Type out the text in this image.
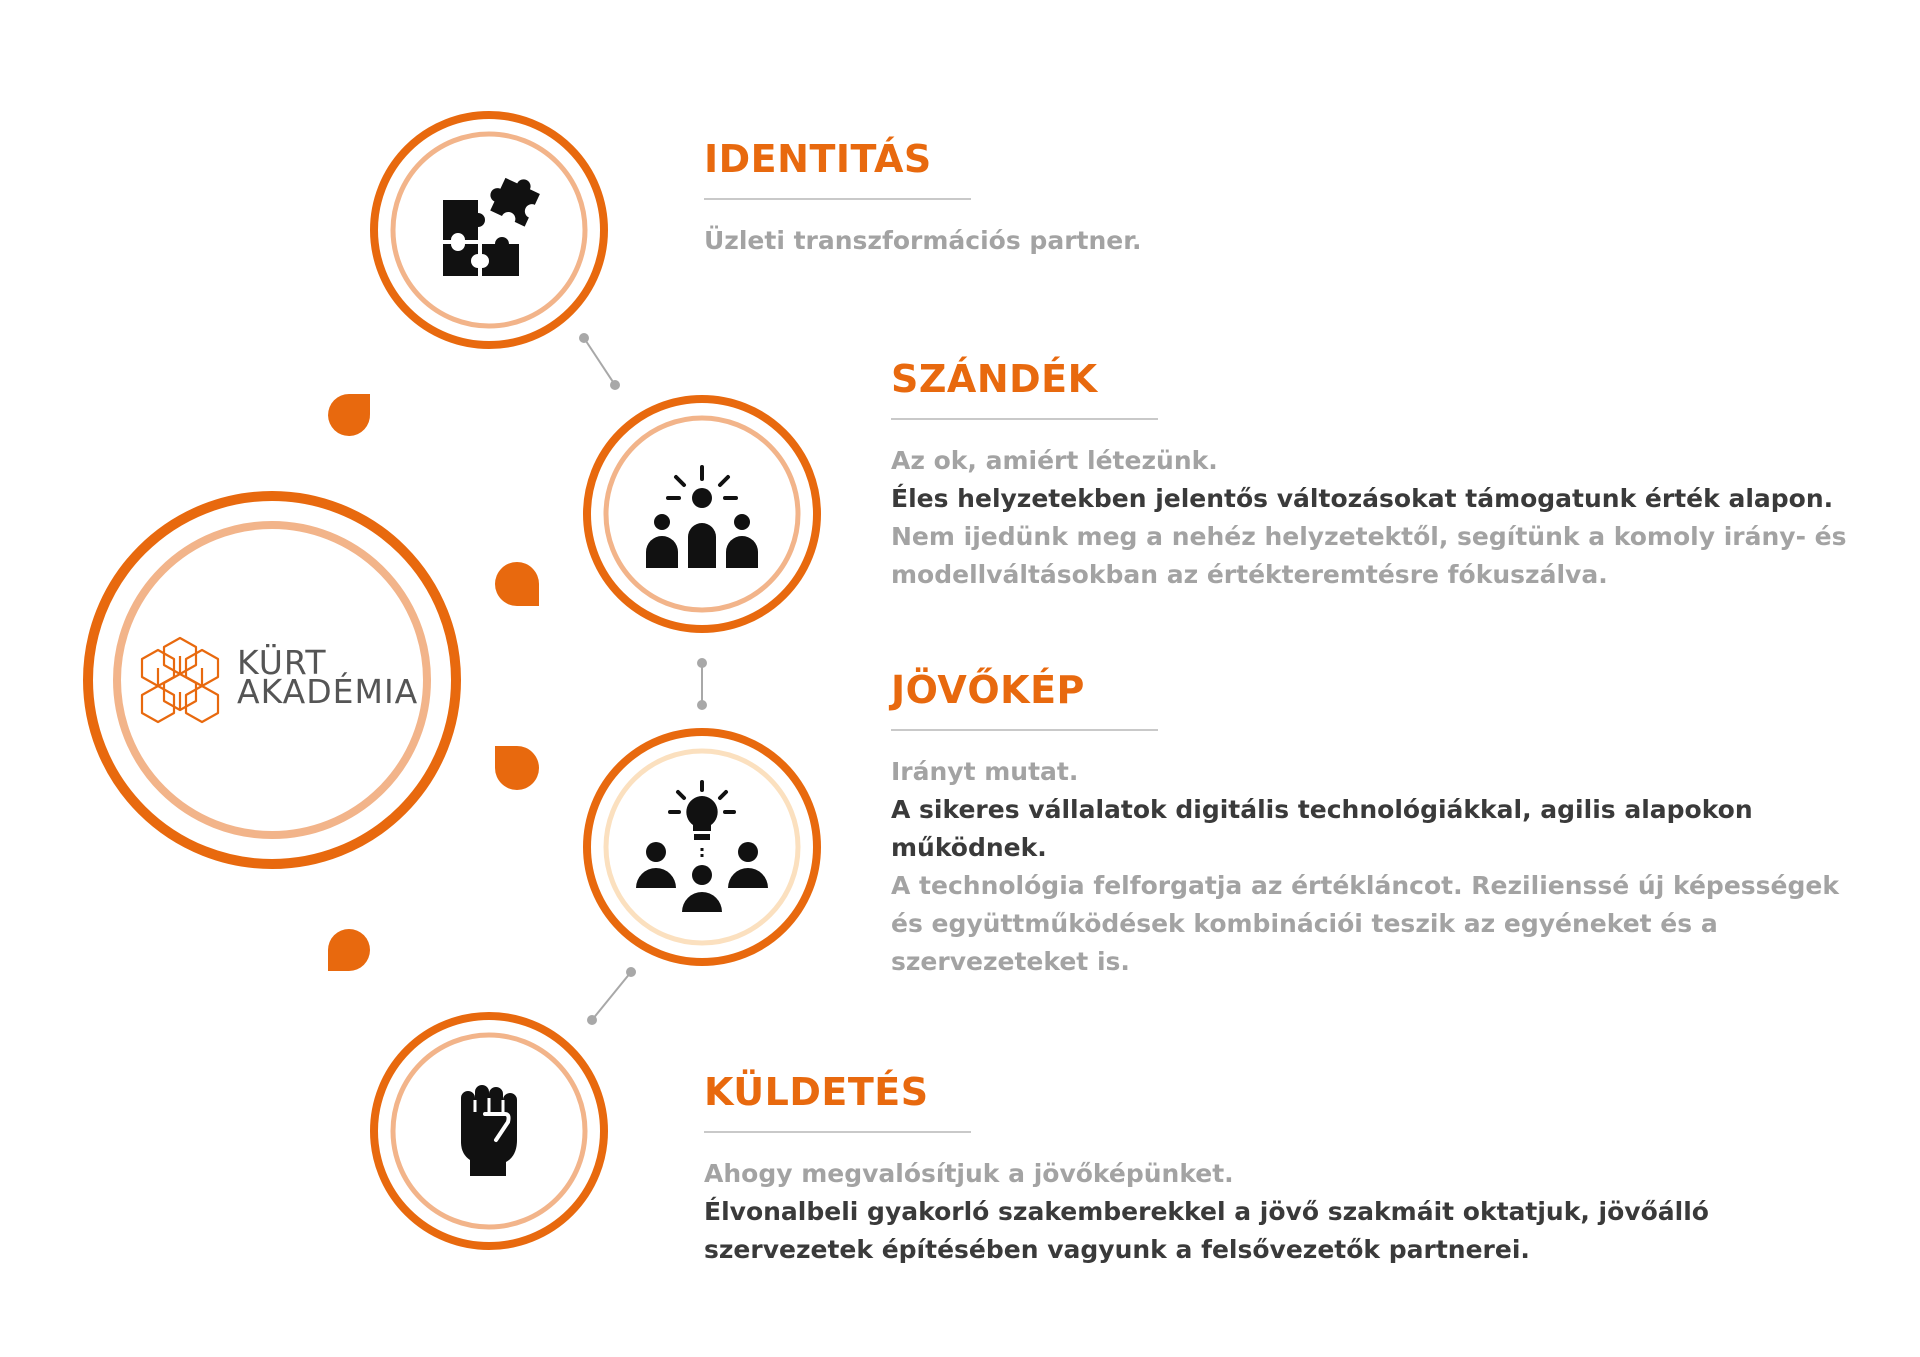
KÜRT
AKADÉMIA
IDENTITÁS
Üzleti transzformációs partner.
SZÁNDÉK
Az ok, amiért létezünk.
Éles helyzetekben jelentős változásokat támogatunk érték alapon.
Nem ijedünk meg a nehéz helyzetektől, segítünk a komoly irány- és
modellváltásokban az értékteremtésre fókuszálva.
JÖVŐKÉP
Irányt mutat.
A sikeres vállalatok digitális technológiákkal, agilis alapokon
működnek.
A technológia felforgatja az értékláncot. Rezilienssé új képességek
és együttműködések kombinációi teszik az egyéneket és a
szervezeteket is.
KÜLDETÉS
Ahogy megvalósítjuk a jövőképünket.
Élvonalbeli gyakorló szakemberekkel a jövő szakmáit oktatjuk, jövőálló
szervezetek építésében vagyunk a felsővezetők partnerei.
